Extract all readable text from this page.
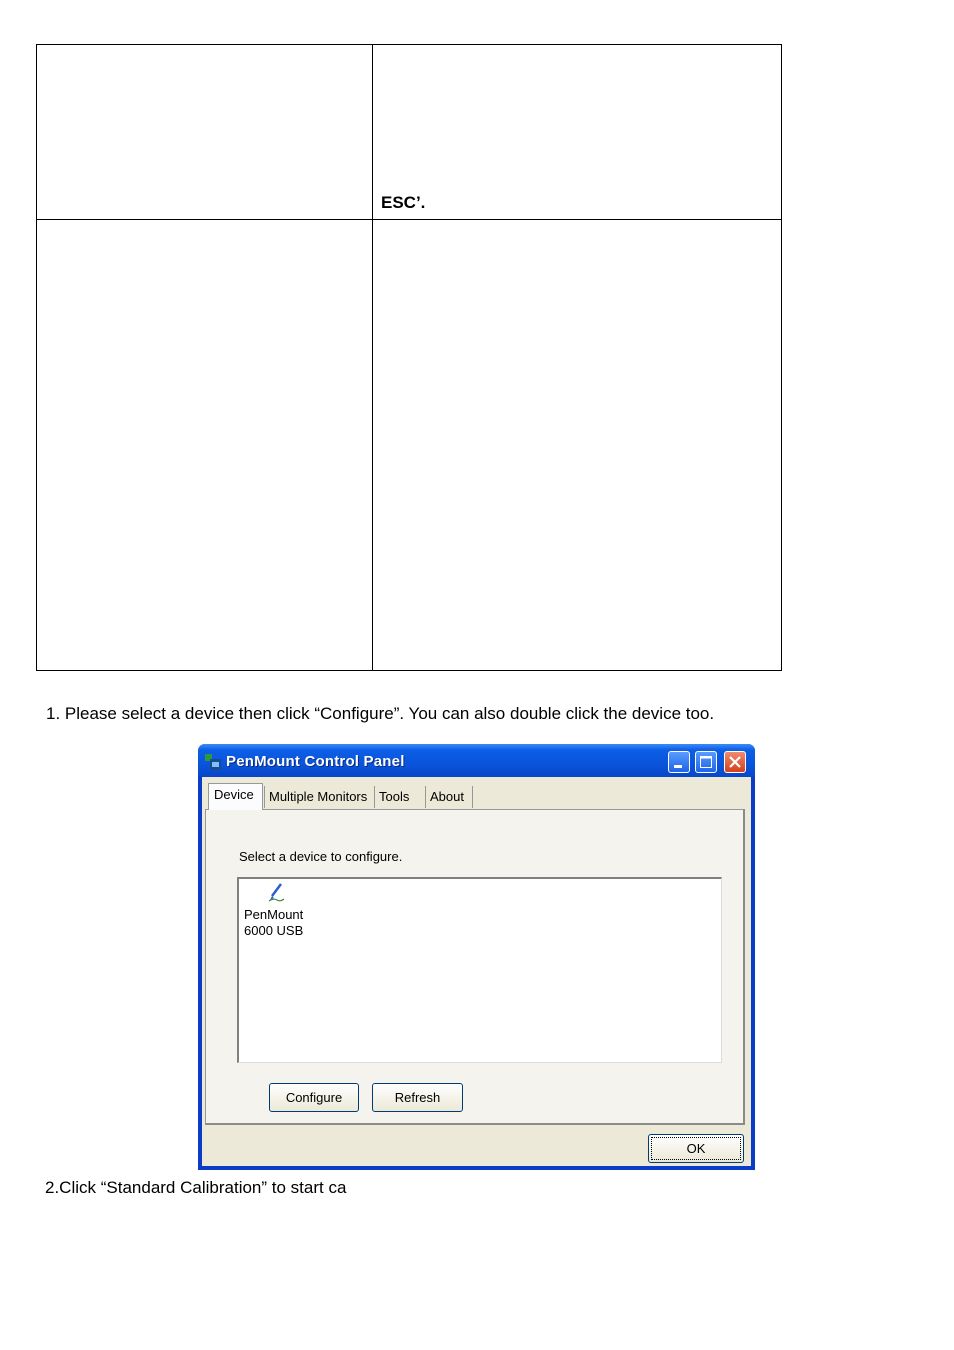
	ESC’.

1. Please select a device then click “Configure”. You can also double click the device too.
PenMount Control Panel
Device	Multiple Monitors Tools	About
Select a device to configure.
PenMount
6000 USB
Configure	Refresh
OK
2.Click “Standard Calibration” to start ca
